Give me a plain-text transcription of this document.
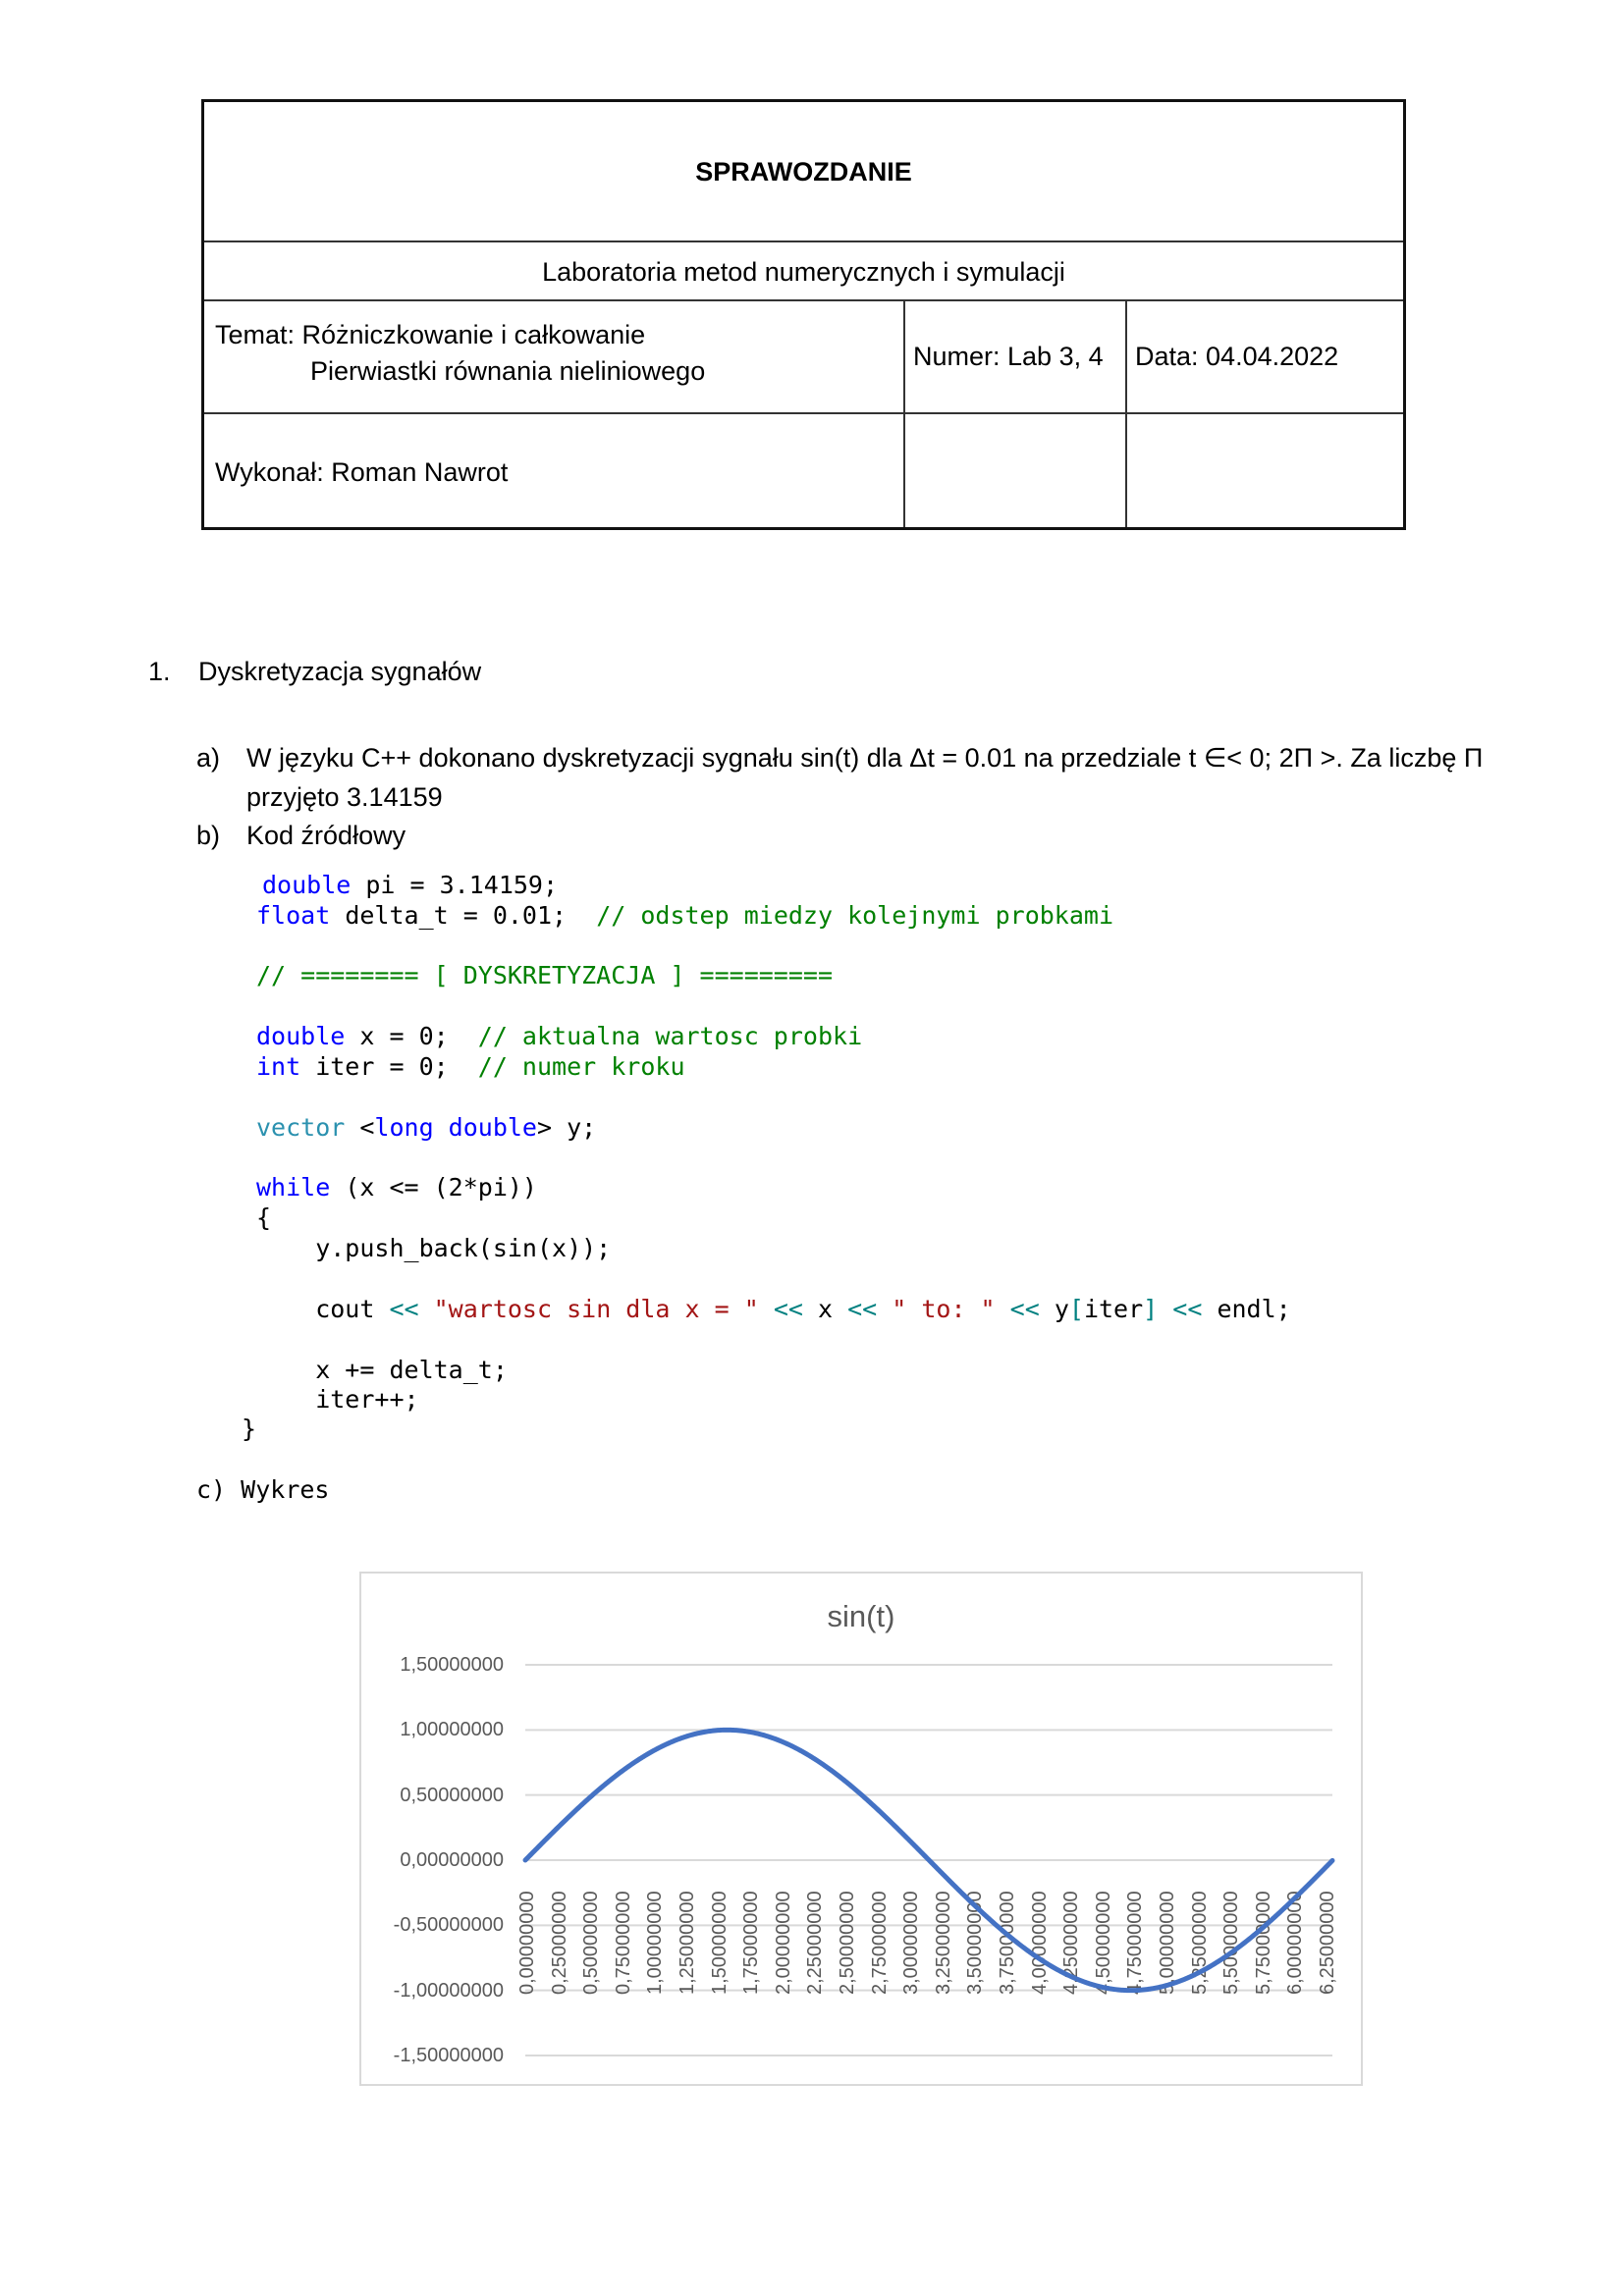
SPRAWOZDANIE
Laboratoria metod numerycznych i symulacji
Temat: Różniczkowanie i całkowanie
Pierwiastki równania nieliniowego	Numer: Lab 3, 4 Data: 04.04.2022
Wykonał: Roman Nawrot
1. Dyskretyzacja sygnałów
a) W języku C++ dokonano dyskretyzacji sygnału sin(t) dla Δt = 0.01 na przedziale t ∈< 0; 2Π >. Za liczbę Π
przyjęto 3.14159
b) Kod źródłowy
double pi = 3.14159;
float delta_t = 0.01;  // odstep miedzy kolejnymi probkami
// ======== [ DYSKRETYZACJA ] =========
double x = 0;  // aktualna wartosc probki
int iter = 0;  // numer kroku
vector <long double> y;
while (x <= (2*pi))
{
y.push_back(sin(x));
cout << "wartosc sin dla x = " << x << " to: " << y[iter] << endl;
x += delta_t;
iter++;
}
c) Wykres
sin(t)
1,50000000
1,00000000
0,50000000
0,00000000
-0,50000000
-1,00000000
-1,50000000
0,00000000 0,25000000 0,50000000 0,75000000 1,00000000 1,25000000 1,50000000 1,75000000 2,00000000 2,25000000 2,50000000 2,75000000 3,00000000 3,25000000 3,50000000 3,75000000 4,00000000 4,25000000 4,50000000 4,75000000 5,00000000 5,25000000 5,50000000 5,75000000 6,00000000 6,25000000
